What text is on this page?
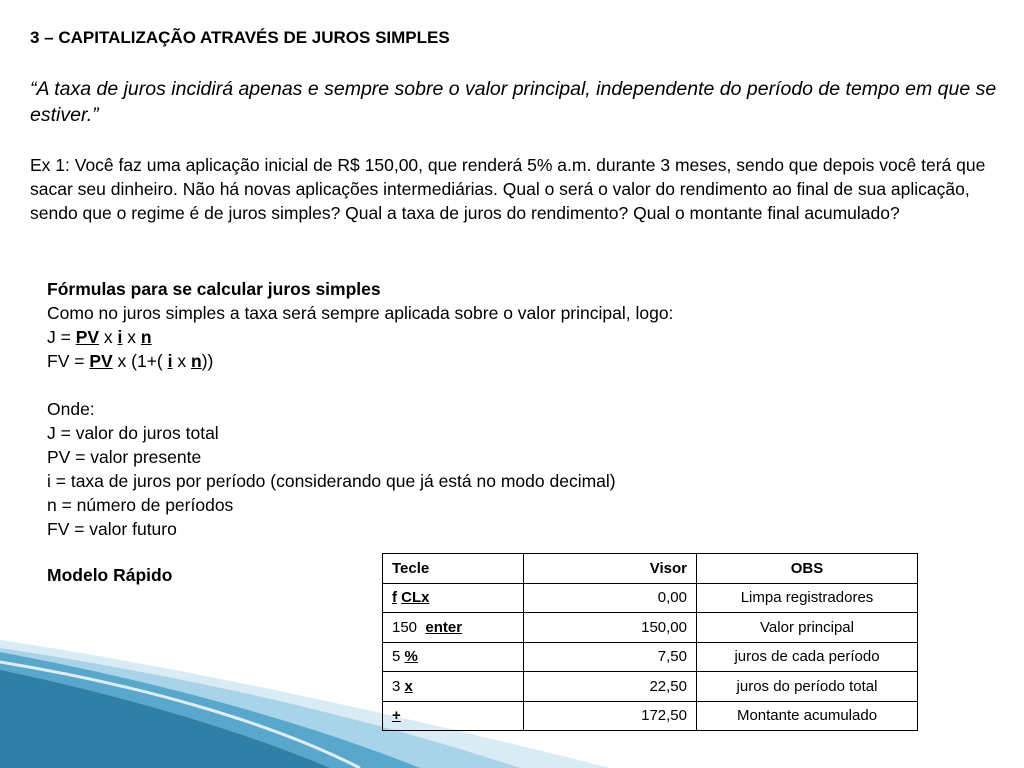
3 – CAPITALIZAÇÃO ATRAVÉS DE JUROS SIMPLES
“A taxa de juros incidirá apenas e sempre sobre o valor principal, independente do período de tempo em que se estiver.”
Ex 1: Você faz uma aplicação inicial de R$ 150,00, que renderá 5% a.m. durante 3 meses, sendo que depois você terá que sacar seu dinheiro. Não há novas aplicações intermediárias. Qual o será o valor do rendimento ao final de sua aplicação, sendo que o regime é de juros simples? Qual a taxa de juros do rendimento? Qual o montante final acumulado?
Fórmulas para se calcular juros simples
Como no juros simples a taxa será sempre aplicada sobre o valor principal, logo:
J = PV x i x n
FV = PV x (1+( i x n))
Onde:
J = valor do juros total
PV = valor presente
i = taxa de juros por período (considerando que já está no modo decimal)
n = número de períodos
FV = valor futuro
Modelo Rápido	Tecle	Visor	OBS
f CLx	0,00	Limpa registradores
150  enter	150,00	Valor principal
5 %	7,50	juros de cada período
3 x	22,50	juros do período total
+	172,50	Montante acumulado
